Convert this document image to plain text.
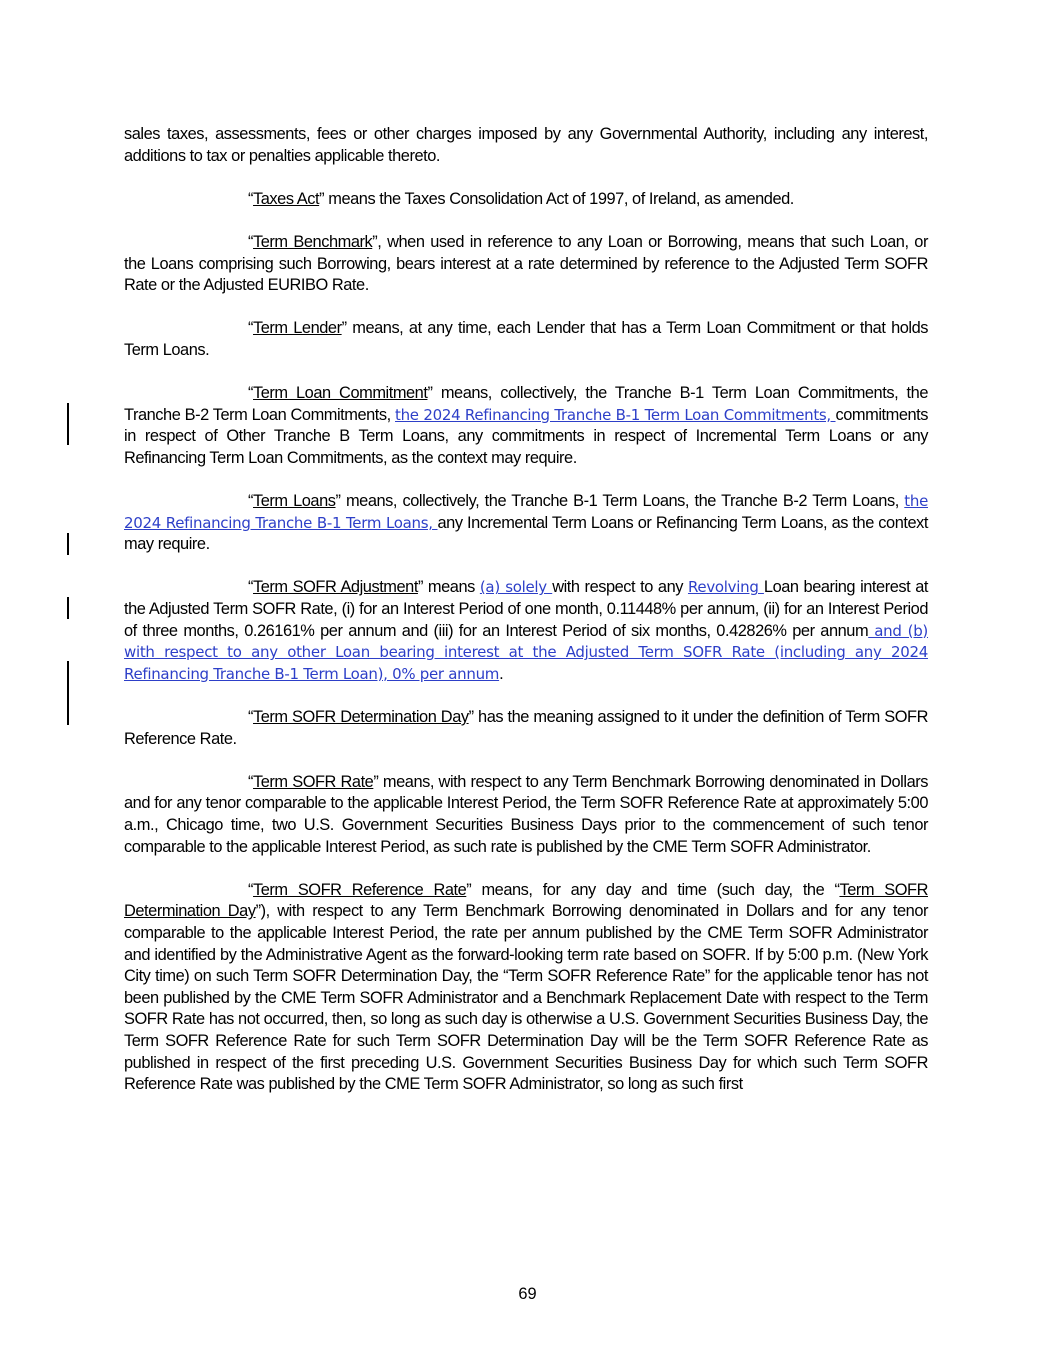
sales taxes, assessments, fees or other charges imposed by any Governmental Authority, including any interest, additions to tax or penalties applicable thereto.

“Taxes Act” means the Taxes Consolidation Act of 1997, of Ireland, as amended.

“Term Benchmark”, when used in reference to any Loan or Borrowing, means that such Loan, or the Loans comprising such Borrowing, bears interest at a rate determined by reference to the Adjusted Term SOFR Rate or the Adjusted EURIBO Rate.

“Term Lender” means, at any time, each Lender that has a Term Loan Commitment or that holds Term Loans.

“Term Loan Commitment” means, collectively, the Tranche B-1 Term Loan Commitments, the Tranche B-2 Term Loan Commitments, the 2024 Refinancing Tranche B-1 Term Loan Commitments, commitments in respect of Other Tranche B Term Loans, any commitments in respect of Incremental Term Loans or any Refinancing Term Loan Commitments, as the context may require.

“Term Loans” means, collectively, the Tranche B-1 Term Loans, the Tranche B-2 Term Loans, the 2024 Refinancing Tranche B-1 Term Loans, any Incremental Term Loans or Refinancing Term Loans, as the context may require.

“Term SOFR Adjustment” means (a) solely with respect to any Revolving Loan bearing interest at the Adjusted Term SOFR Rate, (i) for an Interest Period of one month, 0.11448% per annum, (ii) for an Interest Period of three months, 0.26161% per annum and (iii) for an Interest Period of six months, 0.42826% per annum and (b) with respect to any other Loan bearing interest at the Adjusted Term SOFR Rate (including any 2024 Refinancing Tranche B-1 Term Loan), 0% per annum.

“Term SOFR Determination Day” has the meaning assigned to it under the definition of Term SOFR Reference Rate.

“Term SOFR Rate” means, with respect to any Term Benchmark Borrowing denominated in Dollars and for any tenor comparable to the applicable Interest Period, the Term SOFR Reference Rate at approximately 5:00 a.m., Chicago time, two U.S. Government Securities Business Days prior to the commencement of such tenor comparable to the applicable Interest Period, as such rate is published by the CME Term SOFR Administrator.

“Term SOFR Reference Rate” means, for any day and time (such day, the “Term SOFR Determination Day”), with respect to any Term Benchmark Borrowing denominated in Dollars and for any tenor comparable to the applicable Interest Period, the rate per annum published by the CME Term SOFR Administrator and identified by the Administrative Agent as the forward-looking term rate based on SOFR. If by 5:00 p.m. (New York City time) on such Term SOFR Determination Day, the “Term SOFR Reference Rate” for the applicable tenor has not been published by the CME Term SOFR Administrator and a Benchmark Replacement Date with respect to the Term SOFR Rate has not occurred, then, so long as such day is otherwise a U.S. Government Securities Business Day, the Term SOFR Reference Rate for such Term SOFR Determination Day will be the Term SOFR Reference Rate as published in respect of the first preceding U.S. Government Securities Business Day for which such Term SOFR Reference Rate was published by the CME Term SOFR Administrator, so long as such first

69
